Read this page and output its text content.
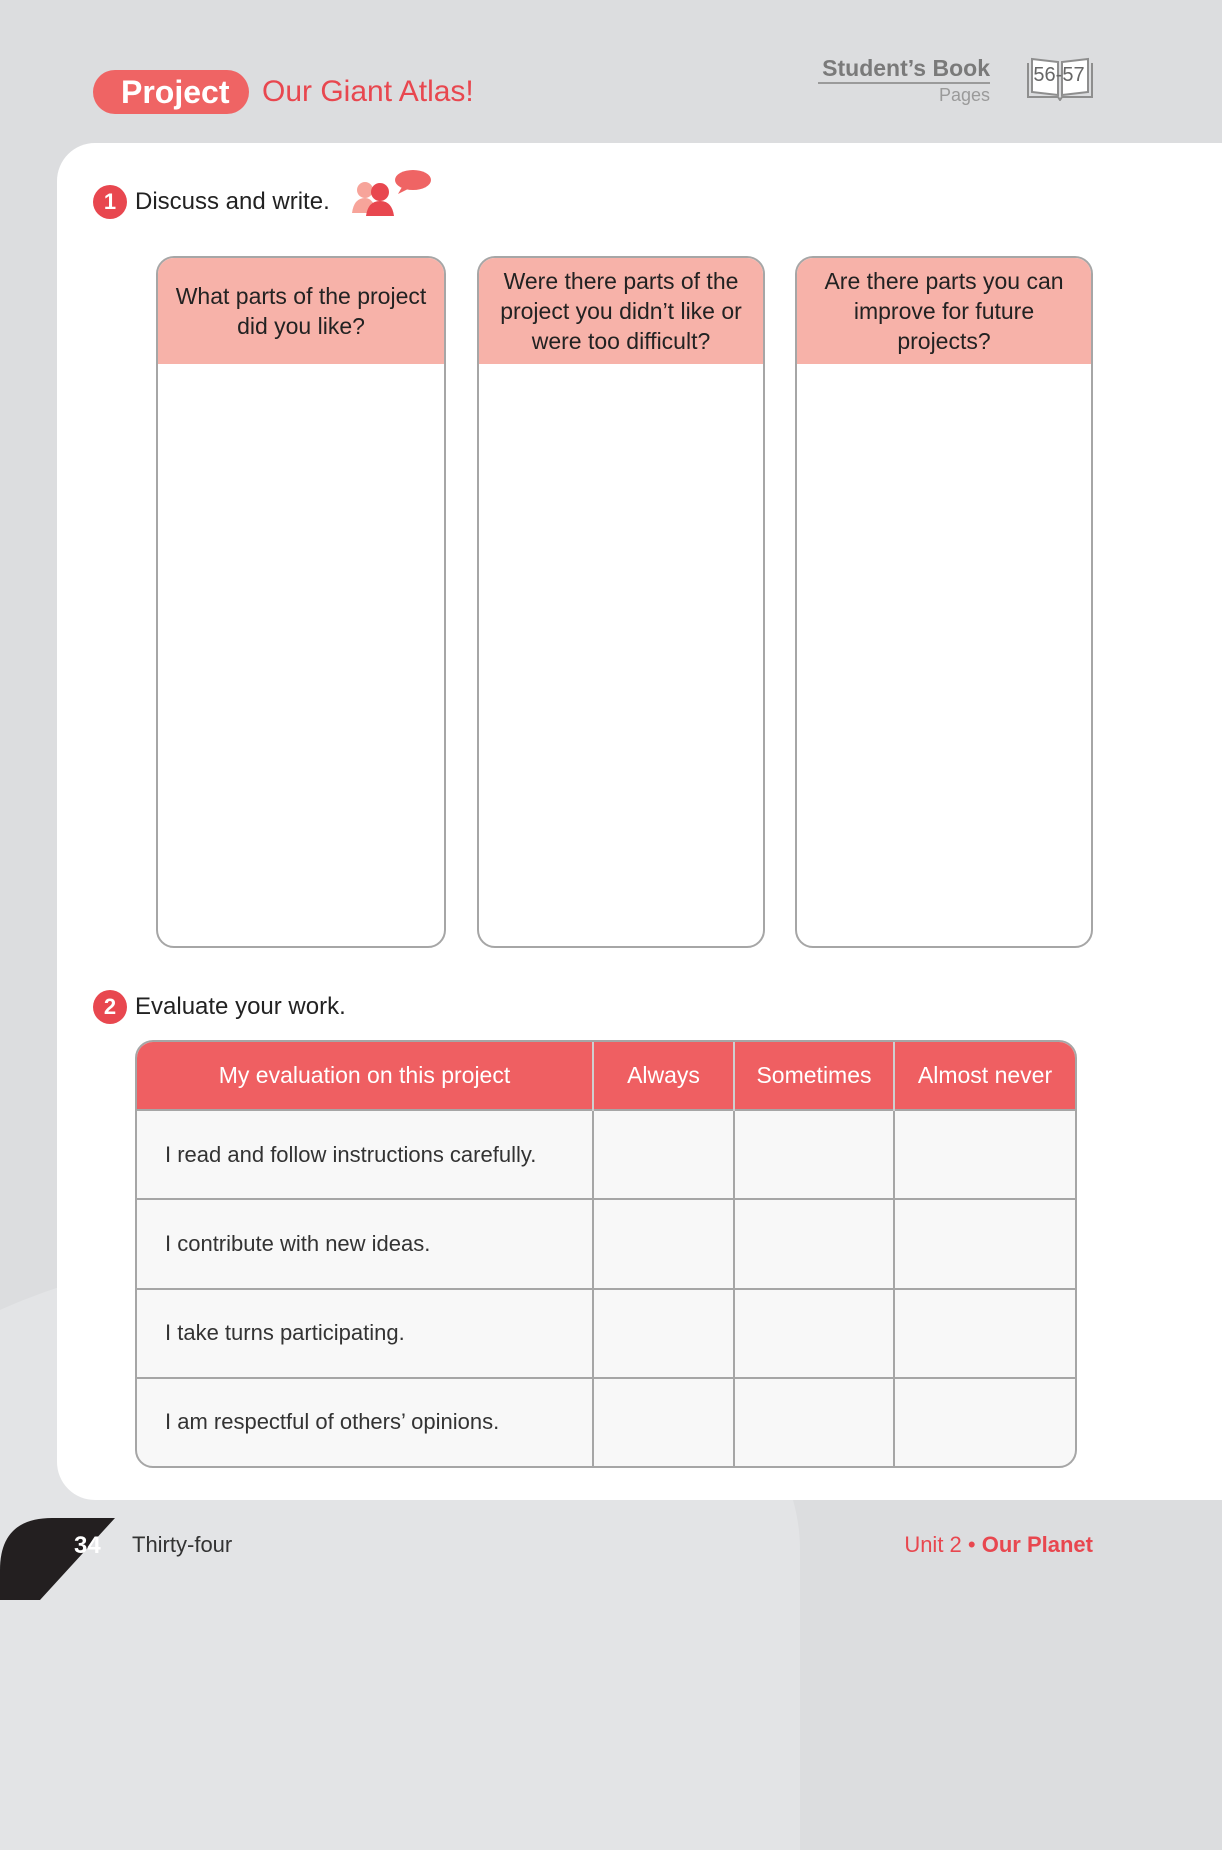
Project	Our Giant Atlas!
Student’s Book
Pages
56-57
1 Discuss and write.
What parts of the project did you like?
Were there parts of the project you didn’t like or were too difficult?
Are there parts you can improve for future projects?
2 Evaluate your work.
My evaluation on this project	Always	Sometimes	Almost never
I read and follow instructions carefully.			
I contribute with new ideas.			
I take turns participating.			
I am respectful of others’ opinions.			
34 Thirty-four	Unit 2 • Our Planet
